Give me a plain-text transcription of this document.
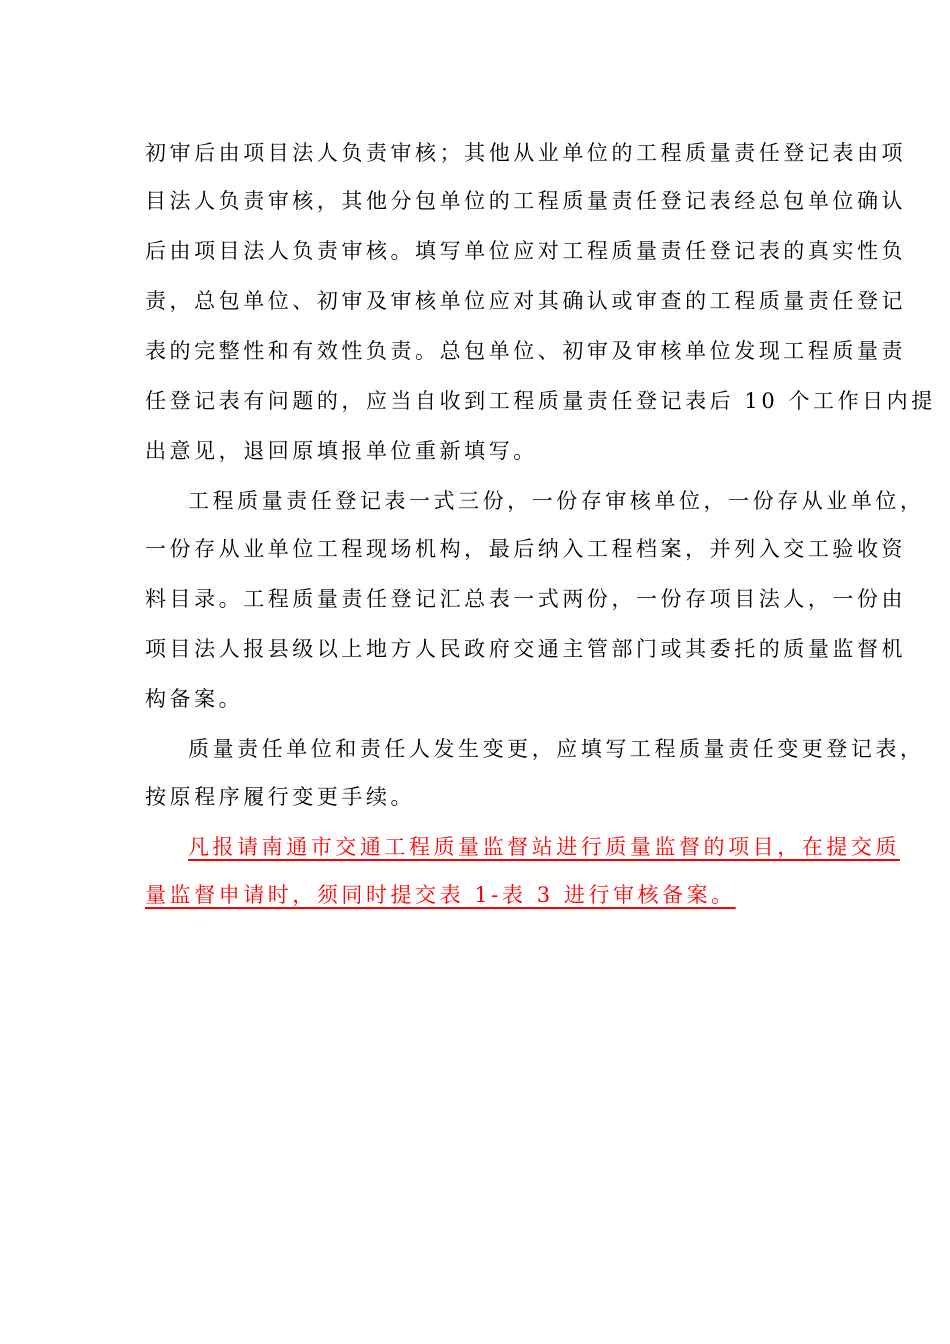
初审后由项目法人负责审核；其他从业单位的工程质量责任登记表由项
目法人负责审核，其他分包单位的工程质量责任登记表经总包单位确认
后由项目法人负责审核。填写单位应对工程质量责任登记表的真实性负
责，总包单位、初审及审核单位应对其确认或审查的工程质量责任登记
表的完整性和有效性负责。总包单位、初审及审核单位发现工程质量责
任登记表有问题的，应当自收到工程质量责任登记表后 10 个工作日内提
出意见，退回原填报单位重新填写。
工程质量责任登记表一式三份，一份存审核单位，一份存从业单位，
一份存从业单位工程现场机构，最后纳入工程档案，并列入交工验收资
料目录。工程质量责任登记汇总表一式两份，一份存项目法人，一份由
项目法人报县级以上地方人民政府交通主管部门或其委托的质量监督机
构备案。
质量责任单位和责任人发生变更，应填写工程质量责任变更登记表，
按原程序履行变更手续。
凡报请南通市交通工程质量监督站进行质量监督的项目，在提交质
量监督申请时，须同时提交表 1-表 3 进行审核备案。
